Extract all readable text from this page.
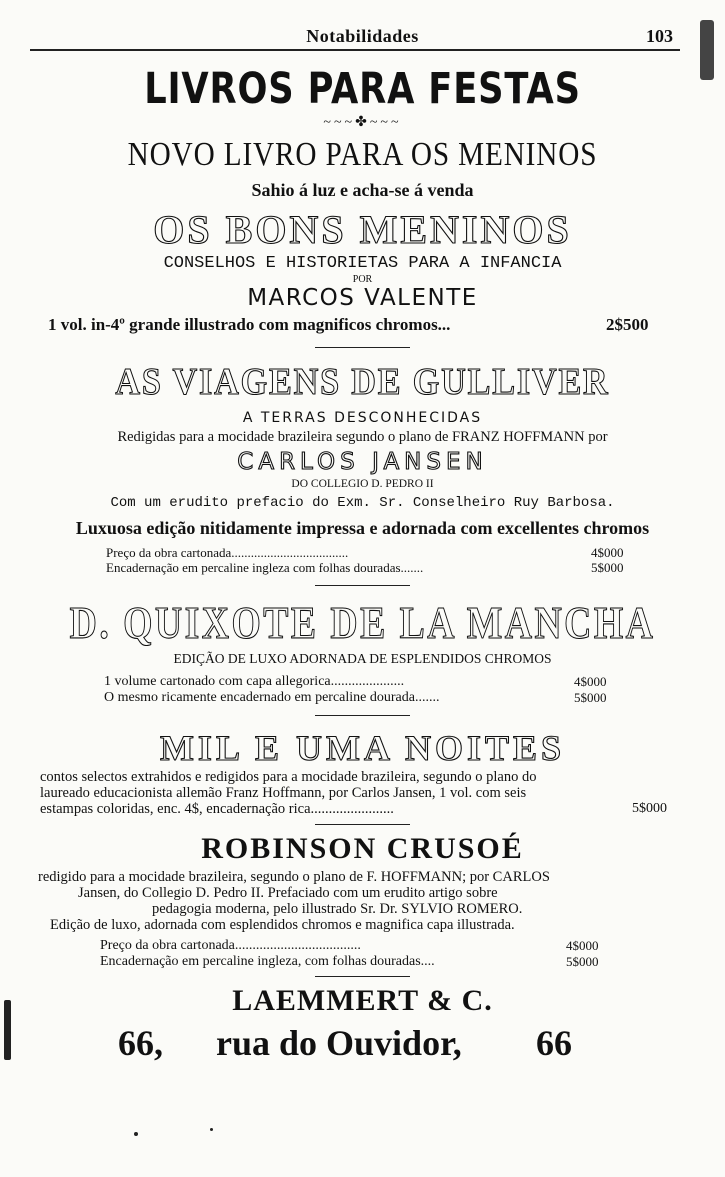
Notabilidades	103
LIVROS PARA FESTAS
~~~✤~~~
NOVO LIVRO PARA OS MENINOS
Sahio á luz e acha-se á venda
OS BONS MENINOS
CONSELHOS E HISTORIETAS PARA A INFANCIA
POR
MARCOS VALENTE
1 vol. in-4º grande illustrado com magnificos chromos...	2$500
AS VIAGENS DE GULLIVER
A TERRAS DESCONHECIDAS
Redigidas para a mocidade brazileira segundo o plano de FRANZ HOFFMANN por
CARLOS JANSEN
DO COLLEGIO D. PEDRO II
Com um erudito prefacio do Exm. Sr. Conselheiro Ruy Barbosa.
Luxuosa edição nitidamente impressa e adornada com excellentes chromos
Preço da obra cartonada....................................	4$000
Encadernação em percaline ingleza com folhas douradas.......	5$000
D. QUIXOTE DE LA MANCHA
EDIÇÃO DE LUXO ADORNADA DE ESPLENDIDOS CHROMOS
1 volume cartonado com capa allegorica.....................	4$000
O mesmo ricamente encadernado em percaline dourada.......	5$000
MIL E UMA NOITES
contos selectos extrahidos e redigidos para a mocidade brazileira, segundo o plano do
laureado educacionista allemão Franz Hoffmann, por Carlos Jansen, 1 vol. com seis
estampas coloridas, enc. 4$, encadernação rica.......................	5$000
ROBINSON CRUSOÉ
redigido para a mocidade brazileira, segundo o plano de F. HOFFMANN; por CARLOS
Jansen, do Collegio D. Pedro II. Prefaciado com um erudito artigo sobre
pedagogia moderna, pelo illustrado Sr. Dr. SYLVIO ROMERO.
Edição de luxo, adornada com esplendidos chromos e magnifica capa illustrada.
Preço da obra cartonada....................................	4$000
Encadernação em percaline ingleza, com folhas douradas....	5$000
LAEMMERT & C.
66, rua do Ouvidor, 66
